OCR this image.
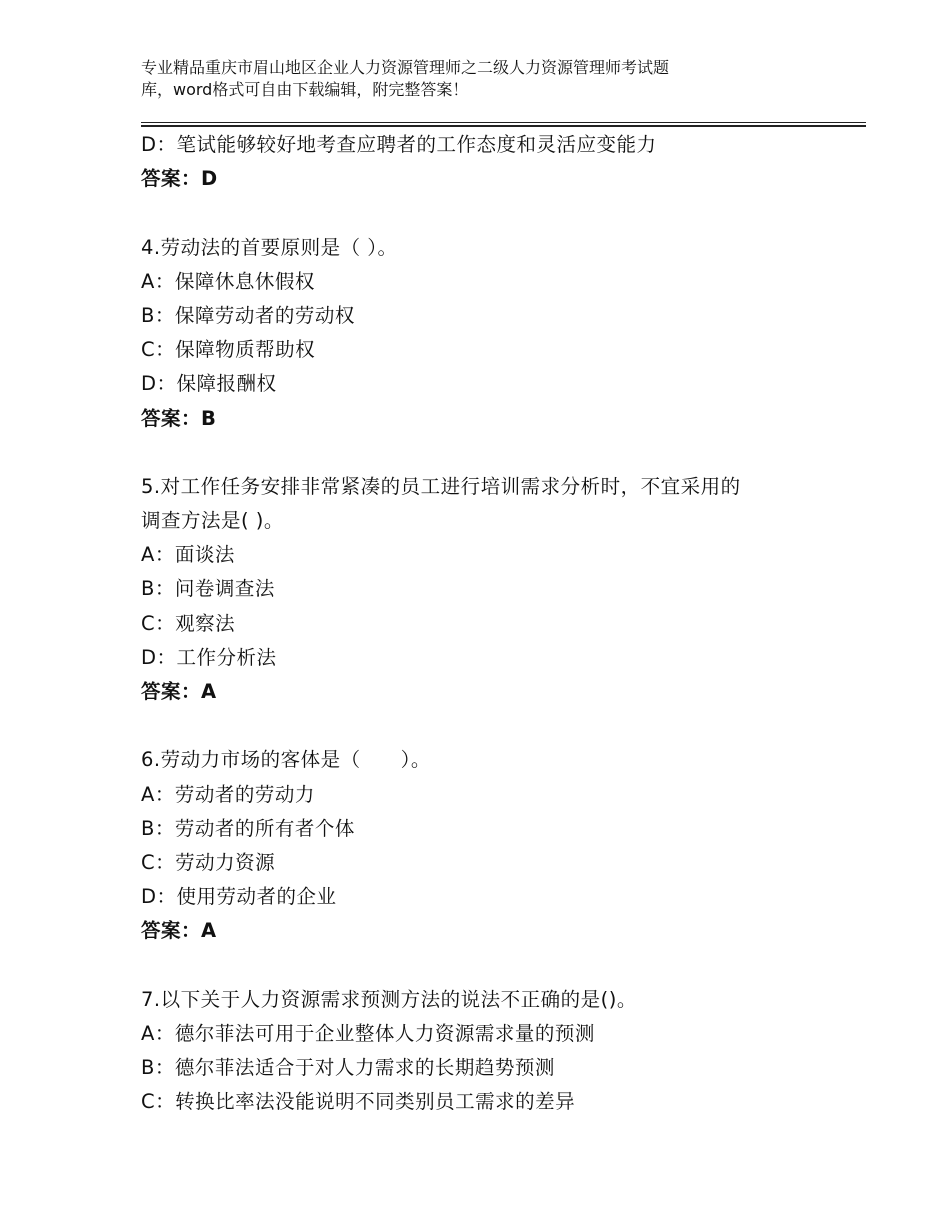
专业精品重庆市眉山地区企业人力资源管理师之二级人力资源管理师考试题
库，word格式可自由下载编辑，附完整答案！
D：笔试能够较好地考查应聘者的工作态度和灵活应变能力
答案：D
4.劳动法的首要原则是（ ）。
A：保障休息休假权
B：保障劳动者的劳动权
C：保障物质帮助权
D：保障报酬权
答案：B
5.对工作任务安排非常紧凑的员工进行培训需求分析时，不宜采用的
调查方法是( )。
A：面谈法
B：问卷调查法
C：观察法
D：工作分析法
答案：A
6.劳动力市场的客体是（　　）。
A：劳动者的劳动力
B：劳动者的所有者个体
C：劳动力资源
D：使用劳动者的企业
答案：A
7.以下关于人力资源需求预测方法的说法不正确的是()。
A：德尔菲法可用于企业整体人力资源需求量的预测
B：德尔菲法适合于对人力需求的长期趋势预测
C：转换比率法没能说明不同类别员工需求的差异
